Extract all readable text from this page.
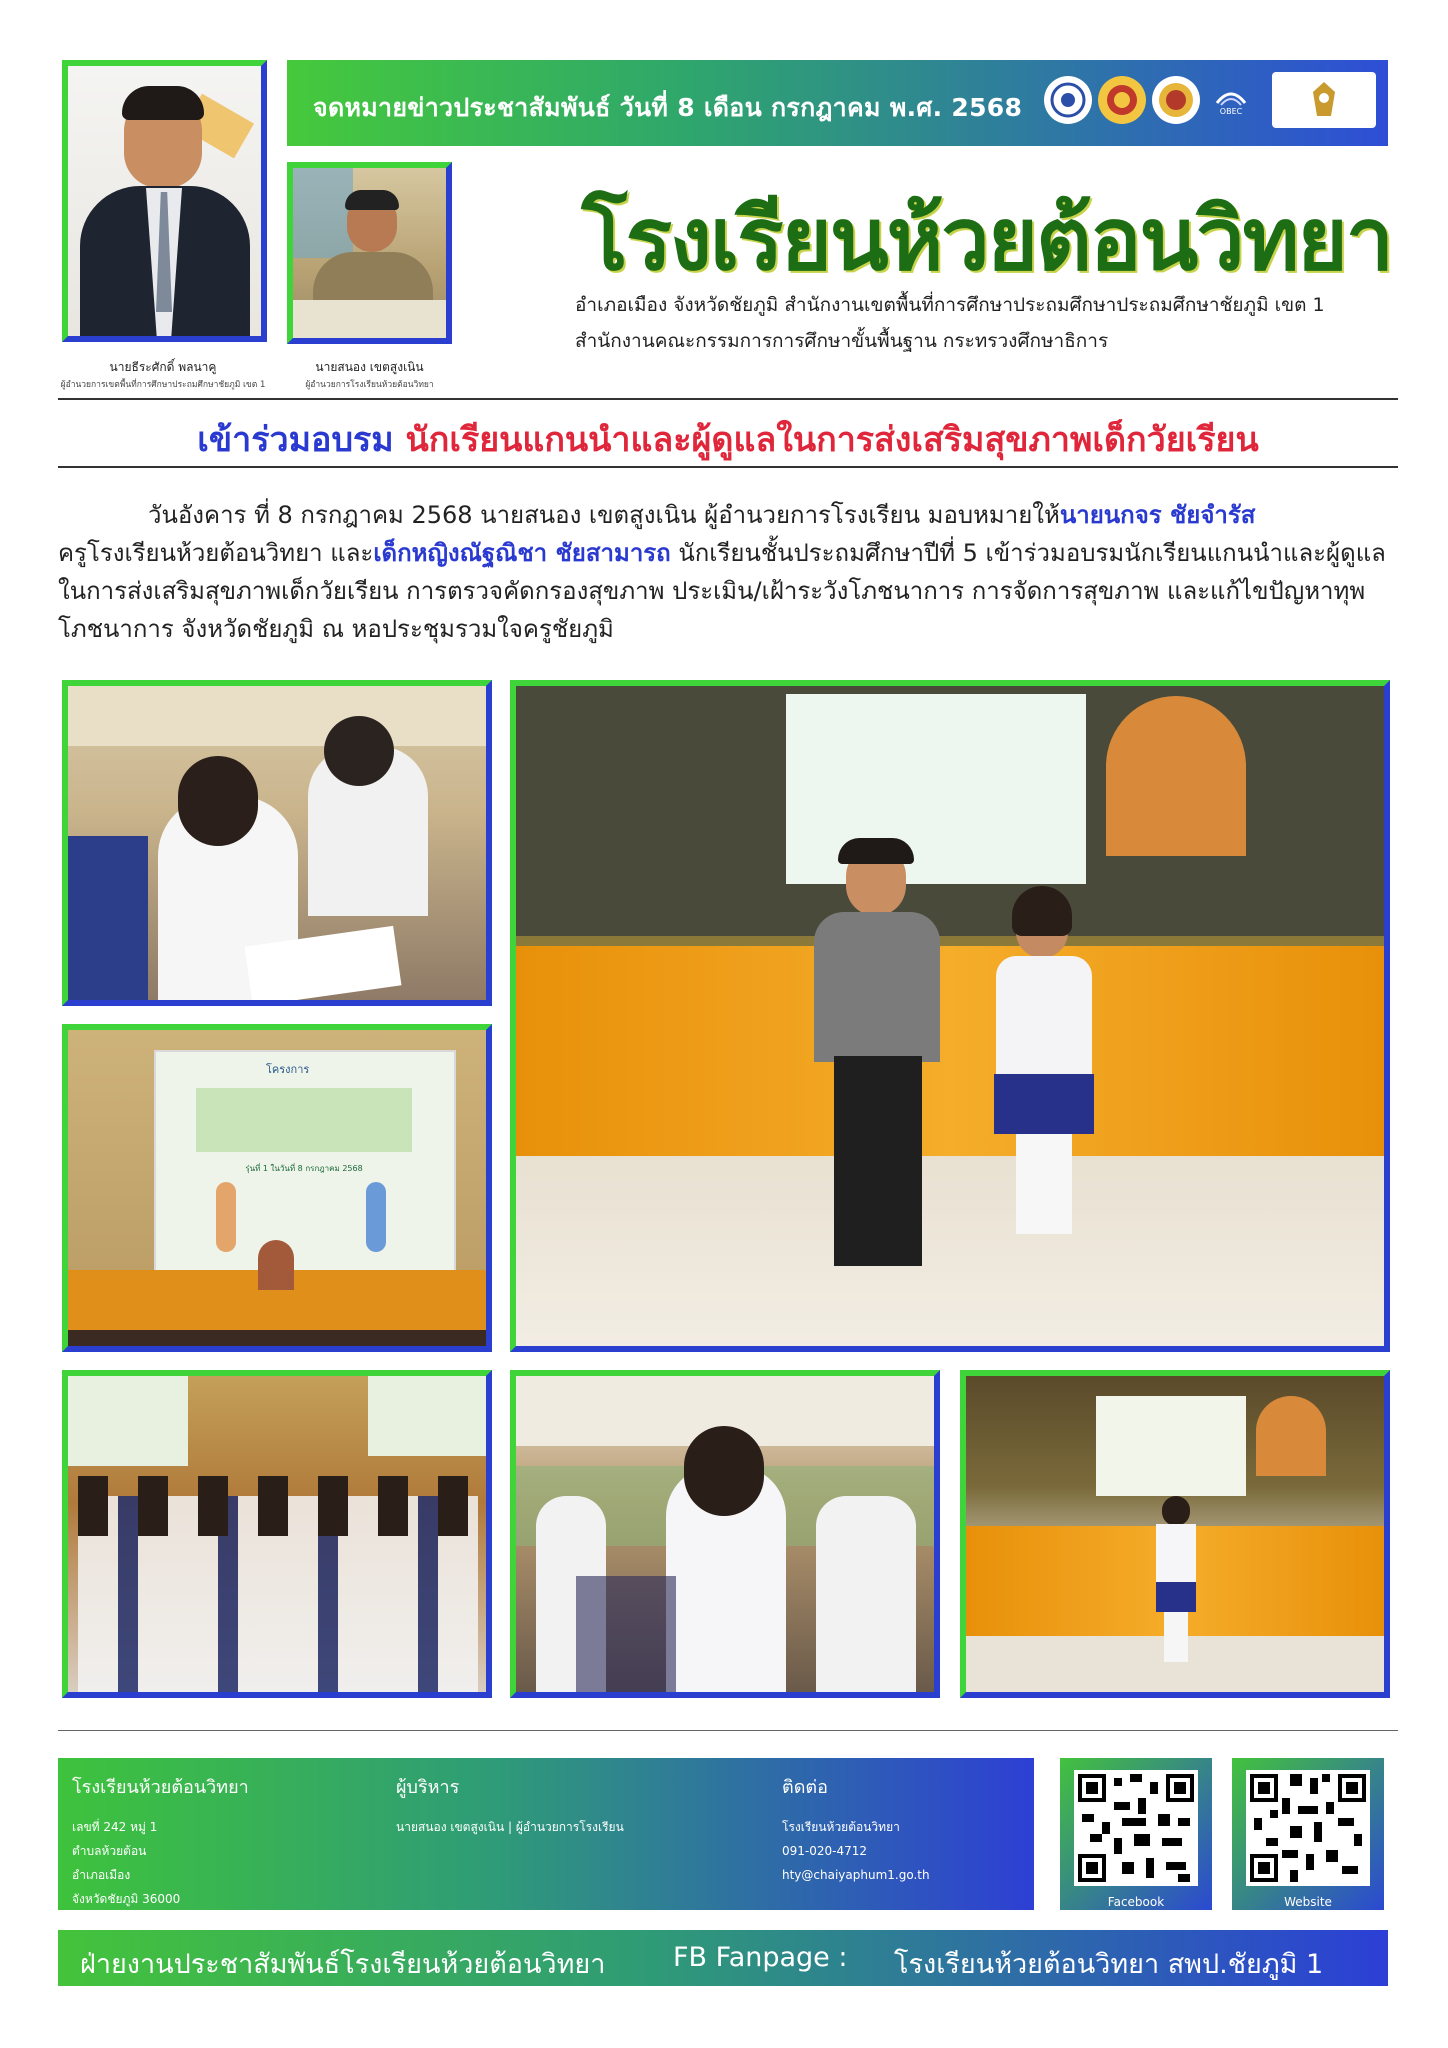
นายธีระศักดิ์ พลนาคู
ผู้อำนวยการเขตพื้นที่การศึกษาประถมศึกษาชัยภูมิ เขต 1
นายสนอง เขตสูงเนิน
ผู้อำนวยการโรงเรียนห้วยต้อนวิทยา
จดหมายข่าวประชาสัมพันธ์ วันที่ 8 เดือน กรกฎาคม พ.ศ. 2568	OBEC
โรงเรียนห้วยต้อนวิทยา
อำเภอเมือง จังหวัดชัยภูมิ สำนักงานเขตพื้นที่การศึกษาประถมศึกษาประถมศึกษาชัยภูมิ เขต 1
สำนักงานคณะกรรมการการศึกษาขั้นพื้นฐาน กระทรวงศึกษาธิการ
เข้าร่วมอบรม นักเรียนแกนนำและผู้ดูแลในการส่งเสริมสุขภาพเด็กวัยเรียน
วันอังคาร ที่ 8 กรกฎาคม 2568 นายสนอง เขตสูงเนิน ผู้อำนวยการโรงเรียน มอบหมายให้นายนกจร ชัยจำรัส
ครูโรงเรียนห้วยต้อนวิทยา และเด็กหญิงณัฐณิชา ชัยสามารถ นักเรียนชั้นประถมศึกษาปีที่ 5 เข้าร่วมอบรมนักเรียนแกนนำและผู้ดูแลในการส่งเสริมสุขภาพเด็กวัยเรียน การตรวจคัดกรองสุขภาพ ประเมิน/เฝ้าระวังโภชนาการ การจัดการสุขภาพ และแก้ไขปัญหาทุพโภชนาการ จังหวัดชัยภูมิ ณ หอประชุมรวมใจครูชัยภูมิ
โครงการ
รุ่นที่ 1 ในวันที่ 8 กรกฎาคม 2568
โรงเรียนห้วยต้อนวิทยา
เลขที่ 242 หมู่ 1
ตำบลห้วยต้อน
อำเภอเมือง
จังหวัดชัยภูมิ 36000
ผู้บริหาร
นายสนอง เขตสูงเนิน | ผู้อำนวยการโรงเรียน
ติดต่อ
โรงเรียนห้วยต้อนวิทยา
091-020-4712
hty@chaiyaphum1.go.th
Facebook	Website
ฝ่ายงานประชาสัมพันธ์โรงเรียนห้วยต้อนวิทยา	FB Fanpage : โรงเรียนห้วยต้อนวิทยา สพป.ชัยภูมิ 1
